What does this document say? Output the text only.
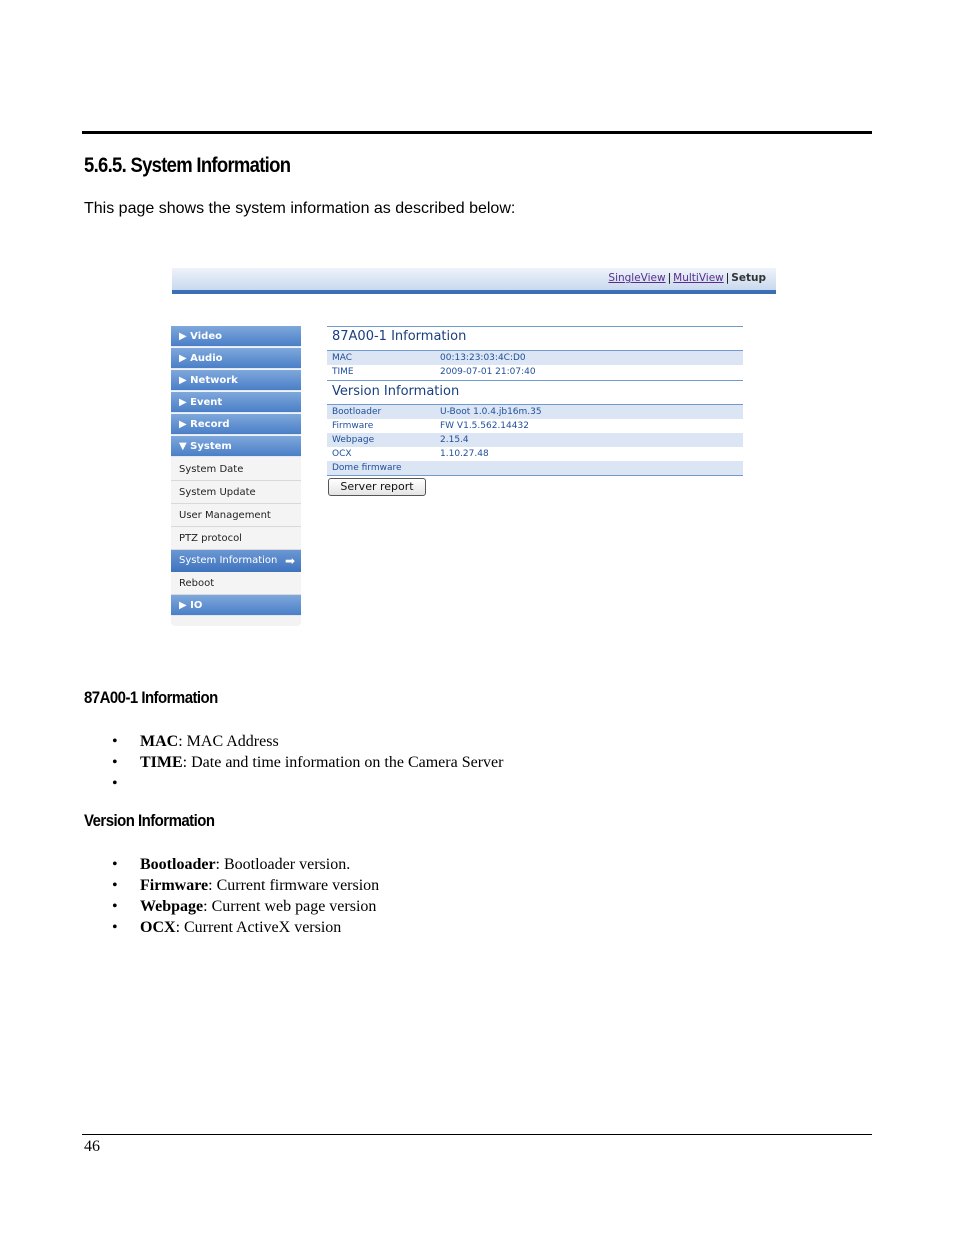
5.6.5. System Information
This page shows the system information as described below:
SingleView | MultiView | Setup
▶ Video
▶ Audio
▶ Network
▶ Event
▶ Record
▼ System
System Date
System Update
User Management
PTZ protocol
System Information ➡
Reboot
▶ IO
87A00-1 Information
MAC	00:13:23:03:4C:D0
TIME	2009-07-01 21:07:40
Version Information
Bootloader	U-Boot 1.0.4.jb16m.35
Firmware	FW V1.5.562.14432
Webpage	2.15.4
OCX	1.10.27.48
Dome firmware
Server report
87A00-1 Information
• MAC: MAC Address
• TIME: Date and time information on the Camera Server
•
Version Information
• Bootloader: Bootloader version.
• Firmware: Current firmware version
• Webpage: Current web page version
• OCX: Current ActiveX version
46
